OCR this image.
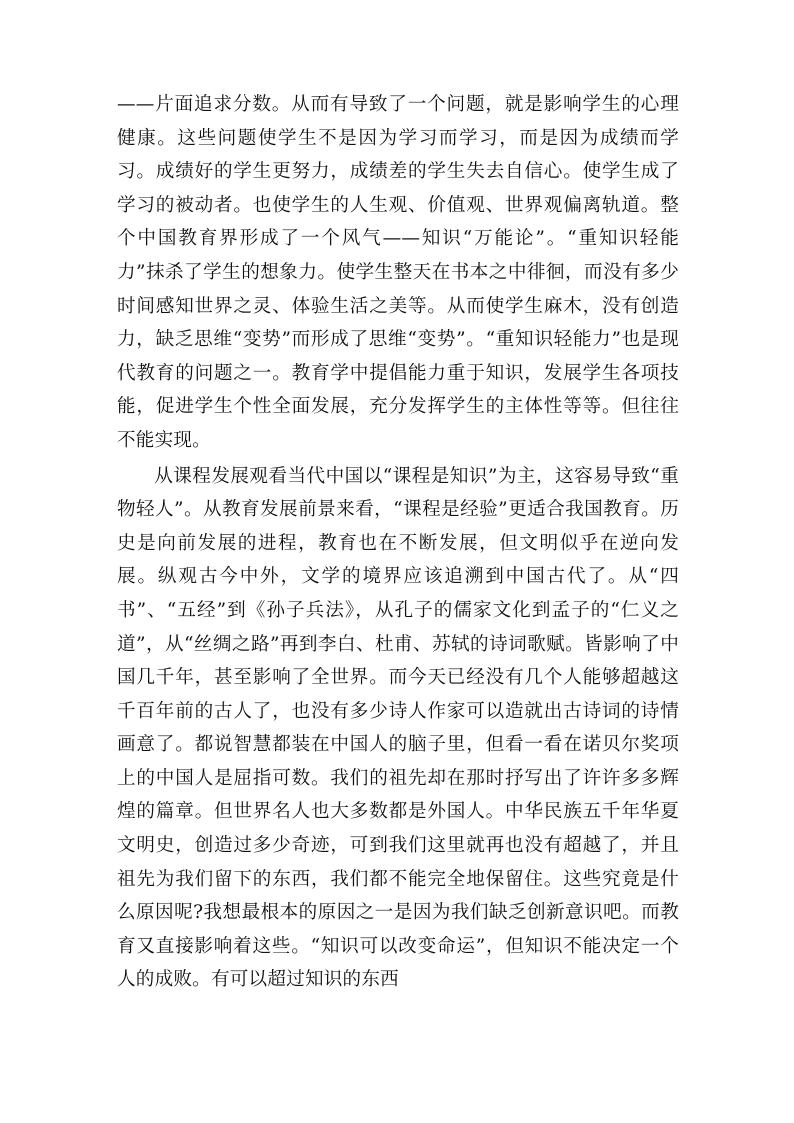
——片面追求分数。从而有导致了一个问题，就是影响学生的心理健康。这些问题使学生不是因为学习而学习，而是因为成绩而学习。成绩好的学生更努力，成绩差的学生失去自信心。使学生成了学习的被动者。也使学生的人生观、价值观、世界观偏离轨道。整个中国教育界形成了一个风气——知识“万能论”。“重知识轻能力”抹杀了学生的想象力。使学生整天在书本之中徘徊，而没有多少时间感知世界之灵、体验生活之美等。从而使学生麻木，没有创造力，缺乏思维“变势”而形成了思维“变势”。“重知识轻能力”也是现代教育的问题之一。教育学中提倡能力重于知识，发展学生各项技能，促进学生个性全面发展，充分发挥学生的主体性等等。但往往不能实现。

从课程发展观看当代中国以“课程是知识”为主，这容易导致“重物轻人”。从教育发展前景来看，“课程是经验”更适合我国教育。历史是向前发展的进程，教育也在不断发展，但文明似乎在逆向发展。纵观古今中外，文学的境界应该追溯到中国古代了。从“四书”、“五经”到《孙子兵法》，从孔子的儒家文化到孟子的“仁义之道”，从“丝绸之路”再到李白、杜甫、苏轼的诗词歌赋。皆影响了中国几千年，甚至影响了全世界。而今天已经没有几个人能够超越这千百年前的古人了，也没有多少诗人作家可以造就出古诗词的诗情画意了。都说智慧都装在中国人的脑子里，但看一看在诺贝尔奖项上的中国人是屈指可数。我们的祖先却在那时抒写出了许许多多辉煌的篇章。但世界名人也大多数都是外国人。中华民族五千年华夏文明史，创造过多少奇迹，可到我们这里就再也没有超越了，并且祖先为我们留下的东西，我们都不能完全地保留住。这些究竟是什么原因呢?我想最根本的原因之一是因为我们缺乏创新意识吧。而教育又直接影响着这些。“知识可以改变命运”，但知识不能决定一个人的成败。有可以超过知识的东西
